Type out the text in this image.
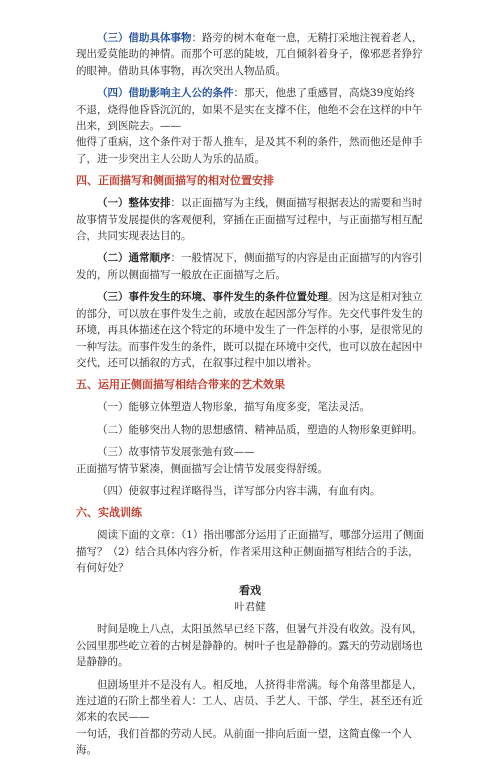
（三）借助具体事物：路旁的树木奄奄一息，无精打采地注视着老人，现出爱莫能助的神情。而那个可恶的陡坡，兀自倾斜着身子，像邪恶者狰狞的眼神。借助具体事物，再次突出人物品质。

（四）借助影响主人公的条件：那天，他患了重感冒，高烧39度始终不退，烧得他昏昏沉沉的，如果不是实在支撑不住，他绝不会在这样的中午出来，到医院去。——

他得了重病，这个条件对于帮人推车，是及其不利的条件，然而他还是伸手了，进一步突出主人公助人为乐的品质。

四、正面描写和侧面描写的相对位置安排

（一）整体安排：以正面描写为主线，侧面描写根据表达的需要和当时故事情节发展提供的客观便利，穿插在正面描写过程中，与正面描写相互配合，共同实现表达目的。

（二）通常顺序：一般情况下，侧面描写的内容是由正面描写的内容引发的，所以侧面描写一般放在正面描写之后。

（三）事件发生的环境、事件发生的条件位置处理。因为这是相对独立的部分，可以放在事件发生之前，或放在起因部分写作。先交代事件发生的环境，再具体描述在这个特定的环境中发生了一件怎样的小事，是很常见的一种写法。而事件发生的条件，既可以提在环境中交代，也可以放在起因中交代，还可以插叙的方式，在叙事过程中加以增补。

五、运用正侧面描写相结合带来的艺术效果

（一）能够立体塑造人物形象，描写角度多变，笔法灵活。

（二）能够突出人物的思想感情、精神品质，塑造的人物形象更鲜明。

（三）故事情节发展张弛有致——

正面描写情节紧凑，侧面描写会让情节发展变得舒缓。

（四）使叙事过程详略得当，详写部分内容丰满，有血有肉。

六、实战训练

阅读下面的文章：（1）指出哪部分运用了正面描写，哪部分运用了侧面描写？（2）结合具体内容分析，作者采用这种正侧面描写相结合的手法，有何好处？

看戏

叶君健

时间是晚上八点，太阳虽然早已经下落，但暑气并没有收敛。没有风，公园里那些屹立着的古树是静静的。树叶子也是静静的。露天的劳动剧场也是静静的。

但剧场里并不是没有人。相反地，人挤得非常满。每个角落里都是人，连过道的石阶上都坐着人：工人、店员、手艺人、干部、学生，甚至还有近郊来的农民——

一句话，我们首都的劳动人民。从前面一排向后面一望，这简直像一个人海。
